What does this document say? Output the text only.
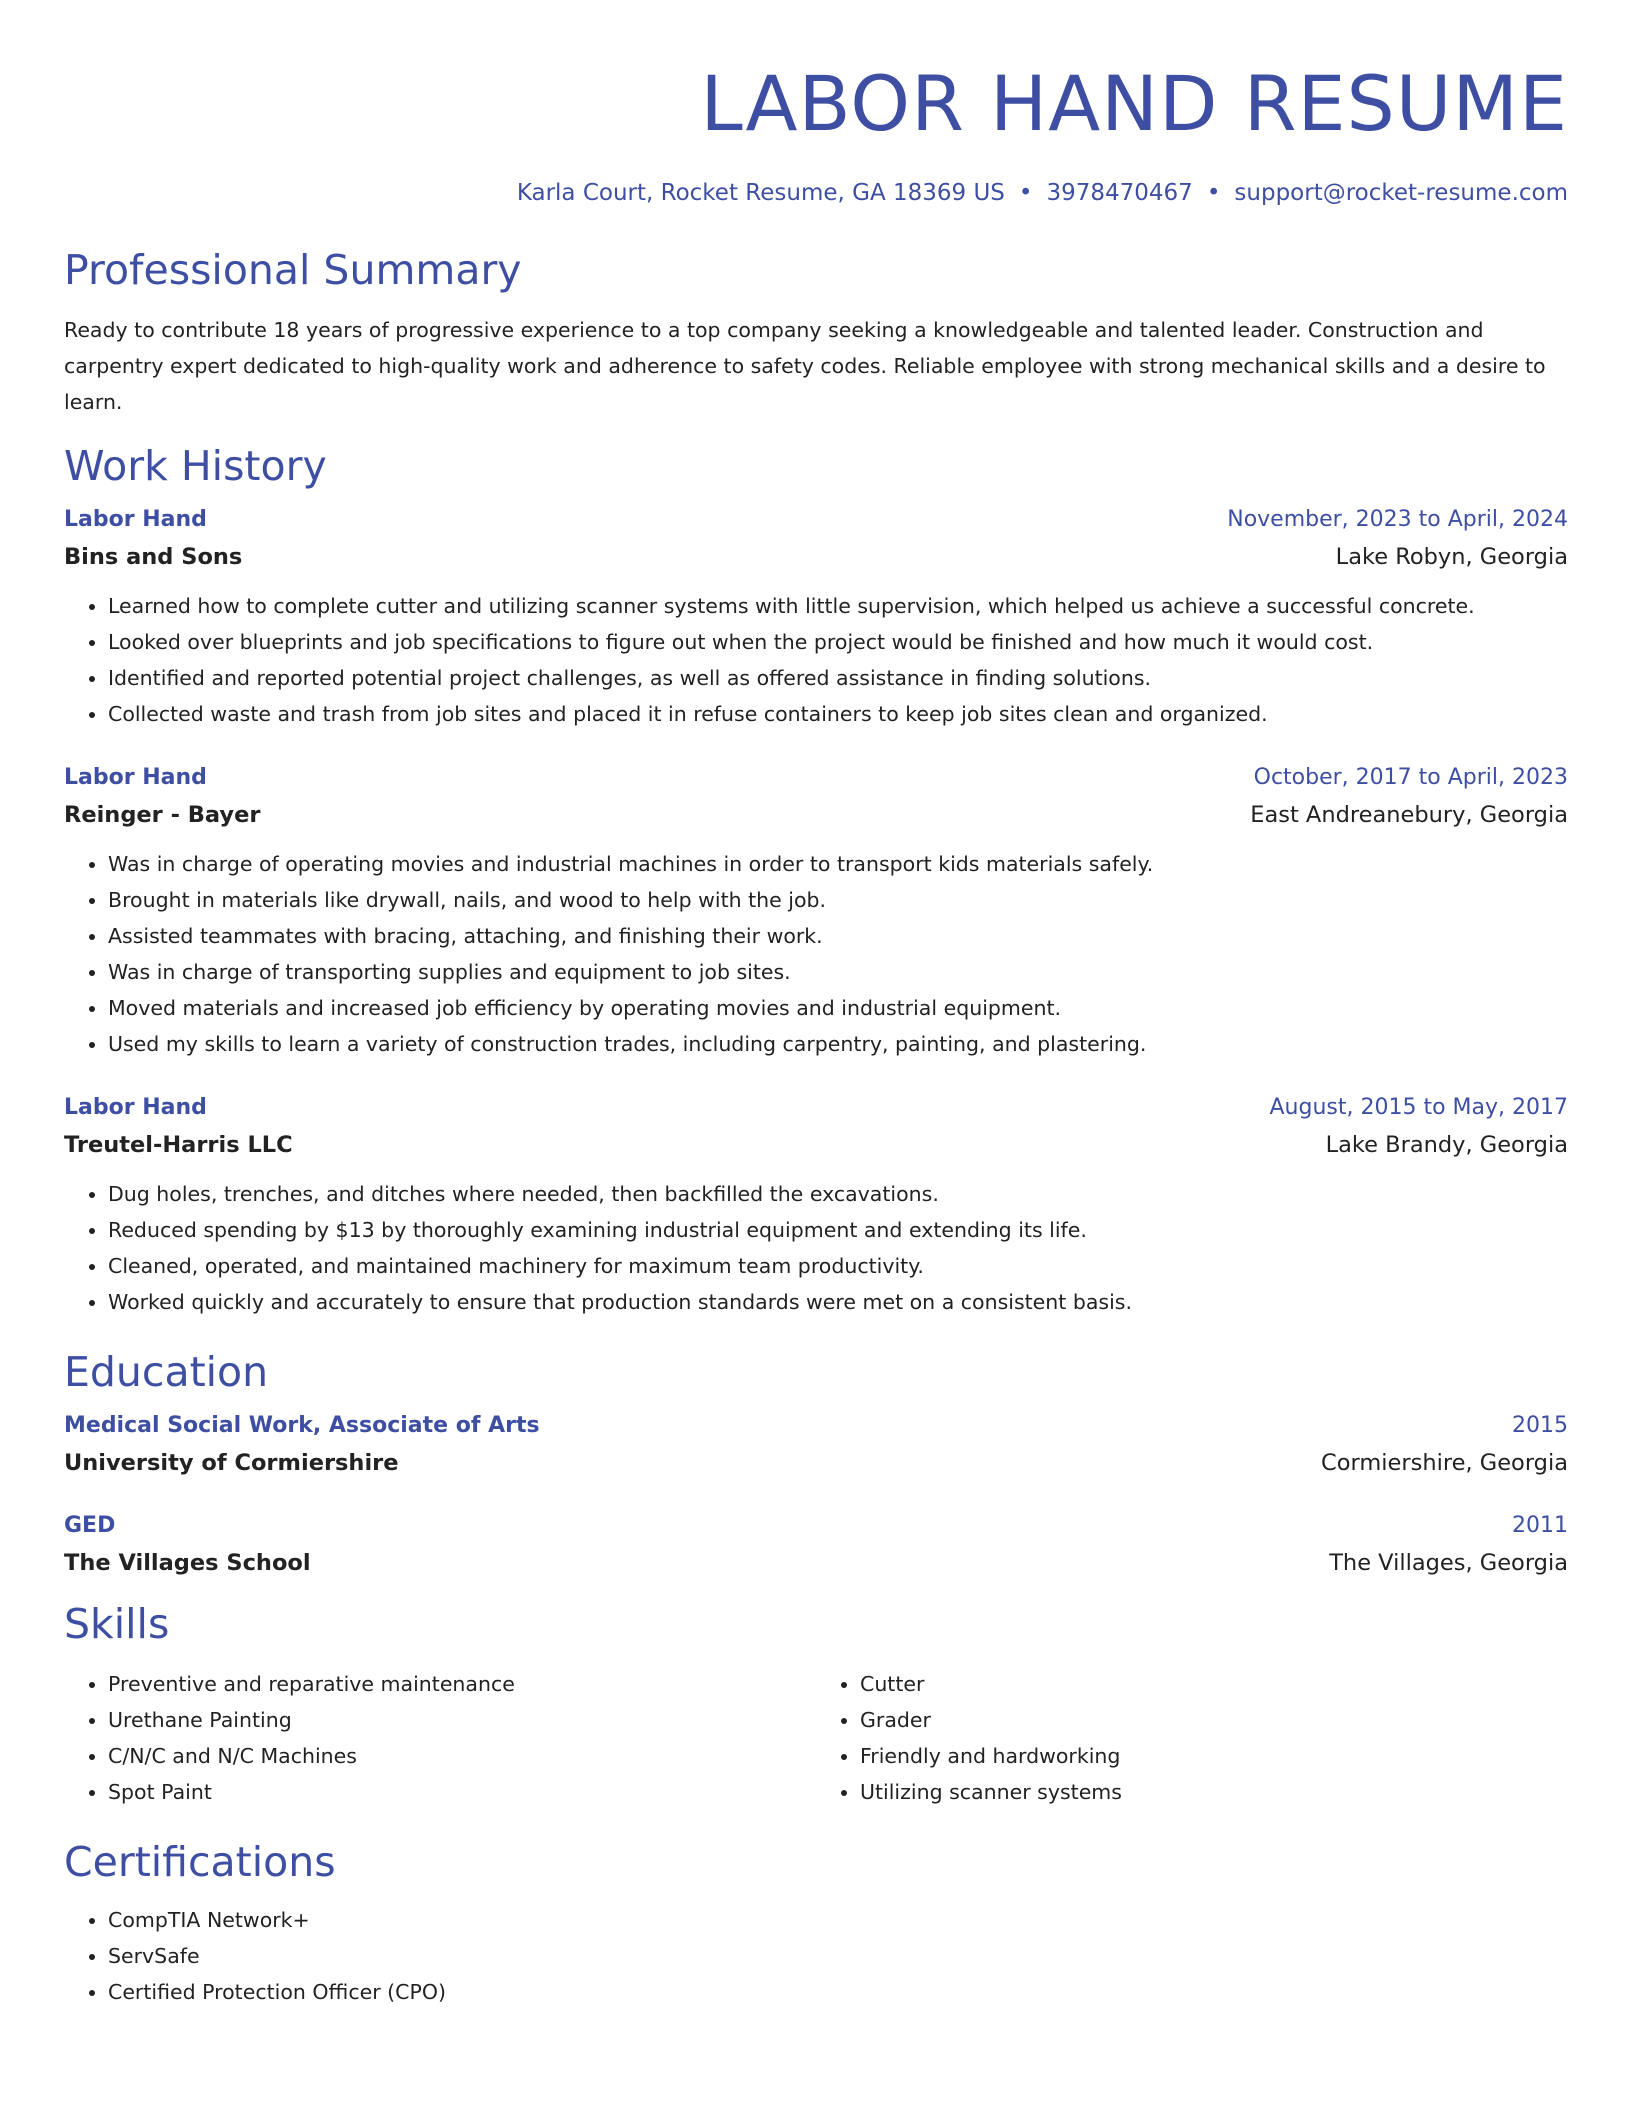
LABOR HAND RESUME
Karla Court, Rocket Resume, GA 18369 US • 3978470467 • support@rocket-resume.com
Professional Summary

Ready to contribute 18 years of progressive experience to a top company seeking a knowledgeable and talented leader. Construction and carpentry expert dedicated to high-quality work and adherence to safety codes. Reliable employee with strong mechanical skills and a desire to learn.

Work History
Labor Hand	November, 2023 to April, 2024
Bins and Sons	Lake Robyn, Georgia
• Learned how to complete cutter and utilizing scanner systems with little supervision, which helped us achieve a successful concrete.
• Looked over blueprints and job specifications to figure out when the project would be finished and how much it would cost.
• Identified and reported potential project challenges, as well as offered assistance in finding solutions.
• Collected waste and trash from job sites and placed it in refuse containers to keep job sites clean and organized.
Labor Hand	October, 2017 to April, 2023
Reinger - Bayer	East Andreanebury, Georgia
• Was in charge of operating movies and industrial machines in order to transport kids materials safely.
• Brought in materials like drywall, nails, and wood to help with the job.
• Assisted teammates with bracing, attaching, and finishing their work.
• Was in charge of transporting supplies and equipment to job sites.
• Moved materials and increased job efficiency by operating movies and industrial equipment.
• Used my skills to learn a variety of construction trades, including carpentry, painting, and plastering.
Labor Hand	August, 2015 to May, 2017
Treutel-Harris LLC	Lake Brandy, Georgia
• Dug holes, trenches, and ditches where needed, then backfilled the excavations.
• Reduced spending by $13 by thoroughly examining industrial equipment and extending its life.
• Cleaned, operated, and maintained machinery for maximum team productivity.
• Worked quickly and accurately to ensure that production standards were met on a consistent basis.
Education
Medical Social Work, Associate of Arts	2015
University of Cormiershire	Cormiershire, Georgia
GED	2011
The Villages School	The Villages, Georgia
Skills
• Preventive and reparative maintenance
• Urethane Painting
• C/N/C and N/C Machines
• Spot Paint
• Cutter
• Grader
• Friendly and hardworking
• Utilizing scanner systems
Certifications
• CompTIA Network+
• ServSafe
• Certified Protection Officer (CPO)
